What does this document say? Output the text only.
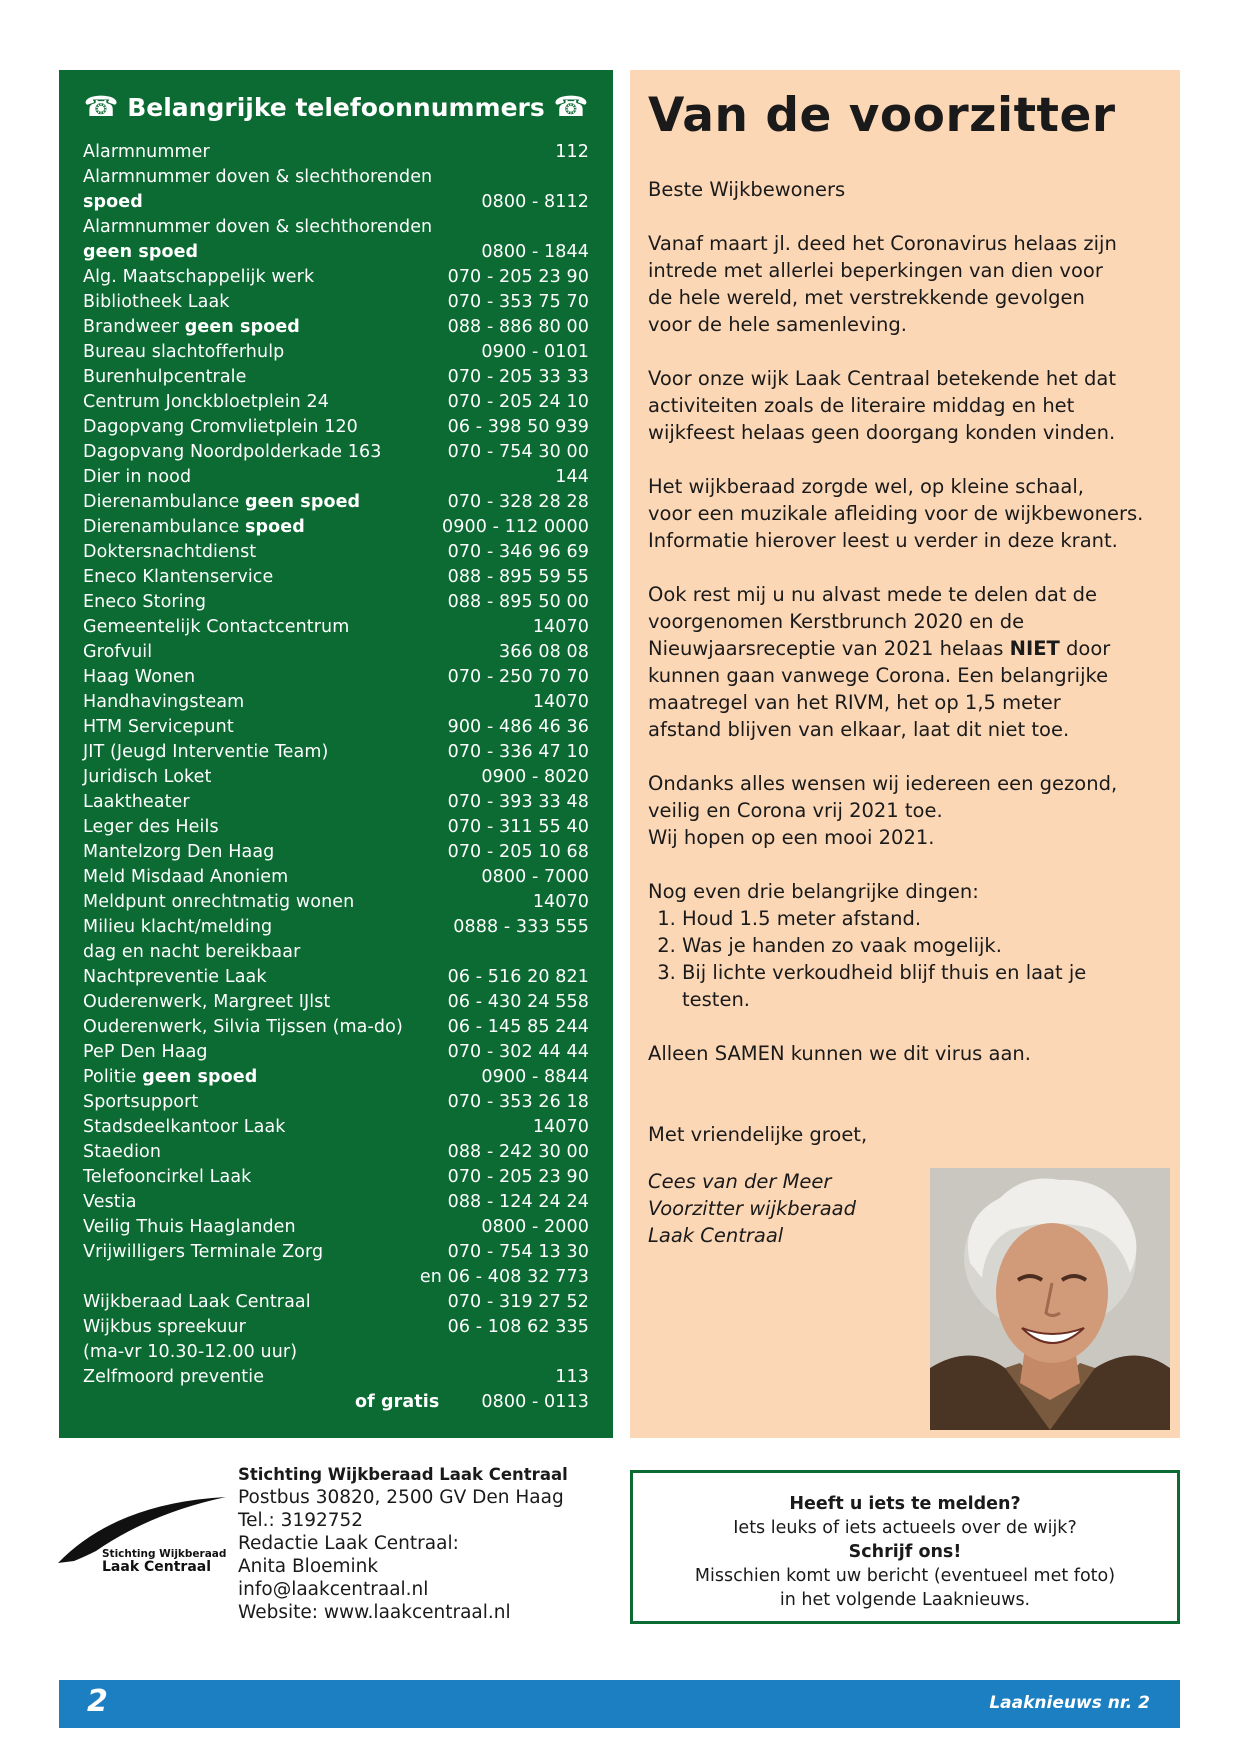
☎ Belangrijke telefoonnummers ☎
Alarmnummer	112
Alarmnummer doven & slechthorenden
spoed	0800 - 8112
Alarmnummer doven & slechthorenden
geen spoed	0800 - 1844
Alg. Maatschappelijk werk	070 - 205 23 90
Bibliotheek Laak	070 - 353 75 70
Brandweer geen spoed	088 - 886 80 00
Bureau slachtofferhulp	0900 - 0101
Burenhulpcentrale	070 - 205 33 33
Centrum Jonckbloetplein 24	070 - 205 24 10
Dagopvang Cromvlietplein 120	06 - 398 50 939
Dagopvang Noordpolderkade 163	070 - 754 30 00
Dier in nood	144
Dierenambulance geen spoed	070 - 328 28 28
Dierenambulance spoed	0900 - 112 0000
Doktersnachtdienst	070 - 346 96 69
Eneco Klantenservice	088 - 895 59 55
Eneco Storing	088 - 895 50 00
Gemeentelijk Contactcentrum	14070
Grofvuil	366 08 08
Haag Wonen	070 - 250 70 70
Handhavingsteam	14070
HTM Servicepunt	900 - 486 46 36
JIT (Jeugd Interventie Team)	070 - 336 47 10
Juridisch Loket	0900 - 8020
Laaktheater	070 - 393 33 48
Leger des Heils	070 - 311 55 40
Mantelzorg Den Haag	070 - 205 10 68
Meld Misdaad Anoniem	0800 - 7000
Meldpunt onrechtmatig wonen	14070
Milieu klacht/melding	0888 - 333 555
dag en nacht bereikbaar
Nachtpreventie Laak	06 - 516 20 821
Ouderenwerk, Margreet IJlst	06 - 430 24 558
Ouderenwerk, Silvia Tijssen (ma-do)	06 - 145 85 244
PeP Den Haag	070 - 302 44 44
Politie geen spoed	0900 - 8844
Sportsupport	070 - 353 26 18
Stadsdeelkantoor Laak	14070
Staedion	088 - 242 30 00
Telefooncirkel Laak	070 - 205 23 90
Vestia	088 - 124 24 24
Veilig Thuis Haaglanden	0800 - 2000
Vrijwilligers Terminale Zorg	070 - 754 13 30
en 06 - 408 32 773
Wijkberaad Laak Centraal	070 - 319 27 52
Wijkbus spreekuur	06 - 108 62 335
(ma-vr 10.30-12.00 uur)
Zelfmoord preventie	113
of gratis 0800 - 0113
Van de voorzitter

Beste Wijkbewoners

Vanaf maart jl. deed het Coronavirus helaas zijn intrede met allerlei beperkingen van dien voor de hele wereld, met verstrekkende gevolgen voor de hele samenleving.

Voor onze wijk Laak Centraal betekende het dat activiteiten zoals de literaire middag en het wijkfeest helaas geen doorgang konden vinden.

Het wijkberaad zorgde wel, op kleine schaal,
voor een muzikale afleiding voor de wijkbewoners.
Informatie hierover leest u verder in deze krant.

Ook rest mij u nu alvast mede te delen dat de voorgenomen Kerstbrunch 2020 en de Nieuwjaarsreceptie van 2021 helaas NIET door kunnen gaan vanwege Corona. Een belangrijke maatregel van het RIVM, het op 1,5 meter afstand blijven van elkaar, laat dit niet toe.

Ondanks alles wensen wij iedereen een gezond,
veilig en Corona vrij 2021 toe.
Wij hopen op een mooi 2021.

Nog even drie belangrijke dingen:
1. Houd 1.5 meter afstand.
2. Was je handen zo vaak mogelijk.
3. Bij lichte verkoudheid blijf thuis en laat je testen.

Alleen SAMEN kunnen we dit virus aan.

Met vriendelijke groet,

Cees van der Meer
Voorzitter wijkberaad
Laak Centraal
Stichting Wijkberaad
Laak Centraal
Stichting Wijkberaad Laak Centraal
Postbus 30820, 2500 GV Den Haag
Tel.: 3192752
Redactie Laak Centraal:
Anita Bloemink
info@laakcentraal.nl
Website: www.laakcentraal.nl
Heeft u iets te melden?
Iets leuks of iets actueels over de wijk?
Schrijf ons!
Misschien komt uw bericht (eventueel met foto)
in het volgende Laaknieuws.
2	Laaknieuws nr. 2
